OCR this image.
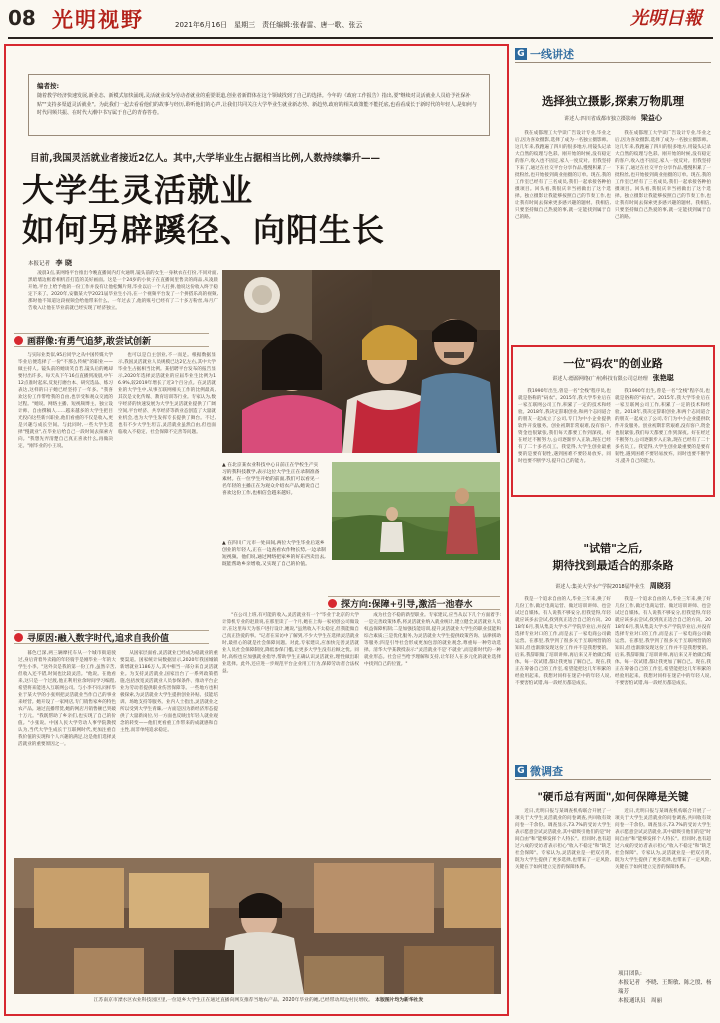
08 光明视野	2021年6月16日　星期三　责任编辑:张春雷、唐一歌、张云	光明日報
编者按:
随着教学经济快速发展,新业态、新模式加快涌现,灵活就业成为劳动者就业的重要渠道,创业者新群体在这个领域找到了自己的选择。今年的《政府工作报告》指出,要"继续对灵活就业人员给予社保补贴""支持多渠道灵活就业"。为此我们一起去看看他们的故事与经历,聆听他们的心声,让我们共同关注大学毕业生就业新态势、新趋势,政府的相关政策能不能托底,也看看成长于新时代的年轻人,是如何与时代同频共振、在时代大潮中书写属于自己的青春答卷。
目前,我国灵活就业者接近2亿人。其中,大学毕业生占据相当比例,人数持续攀升——
大学生灵活就业
如何另辟蹊径、向阳生长
本报记者　 李 晓

凌晨3点,某网络平台推出今晚直播间内灯火通明,镜头前的女生一身秋衣在打扮,不同对面,黑暗墙边框着相机首打造的美好画面。这是一个24岁的小伙子在直播间里售卖的商品,从凌晨开始,平台上给予他的一份工作并没有让他松懈片刻,毕业以后一个人打拼,他说这份收入终于稳定下来了。2020年,安徽某大学2021届毕业生小冯,在一个视频平台发了一个拼搭乐高的视频,那时他不知道这段视频会给他带来什么。一年过去了,他的账号已经有了二十多万粉丝,每月广告收入让他在毕业前就已经实现了经济独立。

▲ 在北京某农业科技中心日前正在学校生产实习的我科技教学,表示这位大学生正在录制准备素材。在一位学生开始的前面,我们可以看见一名年轻的主播正在为观众介绍农产品,她说自己喜欢这份工作,也相信会越来越好。
▲ 在四川广元市一处田间,两位大学生毕业后返乡创业的年轻人,正在一边查看农作物长势,一边录制短视频。他们说,通过网络把家乡的好东西卖出去,既能帮助乡亲增收,又实现了自己的价值。
画群像:有勇气追梦,敢尝试创新

与实际业类似,95后同学之从中国传媒大学毕业后便选择了一份"不那么传统"的职业——做主持人。镜头前的她谈笑自若,镜头后的她却要付出许多。每天从下午16点直播到凌晨,中午12点准时起床,反复打磨台本、研究选品、练习表达,这样的日子她已经坚持了一年多。"我喜欢这份工作带给我的自由,也享受和观众交流的过程。"她说。网络主播、短视频博主、独立设计师、自由撰稿人……越来越多的大学生把目光投向这些新兴职业,他们看重的不仅是收入,更是兴趣与成长空间。与此同时,一些大学生选择"慢就业",在毕业后给自己一段时间去探索方向。"我想先弄清楚自己真正喜欢什么,再做决定。"刚毕业的小王说。

也可以是自主创业,不一而足。根据数据显示,我国灵活就业人员规模已达2亿左右,其中大学毕业生占据相当比例。某招聘平台发布的报告显示,2020年选择灵活就业的应届毕业生比例为16.9%,较2019年增长了近3个百分点。在灵活就业的大学生中,从事互联网相关工作的比例最高,其次是文化传媒、教育培训等行业。专家认为,数字经济的快速发展为大学生灵活就业提供了广阔空间,平台经济、共享经济等新业态创造了大量就业机会,也为大学生发挥专长提供了舞台。不过,也有不少大学生坦言,灵活就业虽然自由,但也面临收入不稳定、社会保障不完善等问题。

寻原因:融入数字时代,追求自我价值

暮色已深,两三辆摩托车从一个城市街道驶过,身后背着外卖箱的年轻骑手是刚毕业一年的大学生小李。"送外卖是我的第一份工作,虽然辛苦,但收入还不错,时间也比较灵活。"他说。在他看来,这只是一个过渡,他正利用业余时间学习编程,希望将来能进入互联网公司。与小李不同,同样毕业于某大学的小张则把灵活就业当作自己的事业来经营。她开设了一家网店,专门销售家乡的特色农产品。通过直播带货,她的网店月销售额已突破十万元。"我既帮助了乡亲们,也实现了自己的价值。"小张说。中国人民大学劳动人事学院教授认为,当代大学生成长于互联网时代,更加注重自我价值的实现和个人兴趣的满足,这是他们选择灵活就业的重要原因之一。

从国家层面看,灵活就业已经成为稳就业的重要渠道。国家统计局数据显示,2020年我国城镇新增就业1186万人,其中相当一部分来自灵活就业。为支持灵活就业,国家出台了一系列政策措施,包括放宽灵活就业人员参保条件、推动平台企业为劳动者提供职业伤害保障等。一些地方也积极探索,为灵活就业大学生提供创业补贴、技能培训、场地支持等服务。业内人士指出,灵活就业之所以受到大学生青睐,一方面是因为新经济形态提供了大量新岗位,另一方面也反映出年轻人就业观念的转变——他们更看重工作带来的成就感和自主性,而非单纯追求稳定。

探方向:保障+引导,激活一池春水

"在公司上班,有可能的收入,灵活就业有一个"毕业于北京的大学计算机专业的赵晨说,在那里读了一个月,她在上海一家初创公司做设计,在这里每天为客户进行设计,她说,"虽然收入不太稳定,但我能做自己真正热爱的事。"记者在采访中了解到,不少大学生在选择灵活就业时,最担心的就是社会保障问题。对此,专家建议,应加快完善灵活就业人员社会保障制度,降低参保门槛,让更多大学生没有后顾之忧。同时,高校也应加强就业指导,帮助学生正确认识灵活就业,理性做出职业选择。此外,还应进一步规范平台企业用工行为,保障劳动者合法权益。

成为社会不稳的新型职业。专家建议,应当从以下几个方面着手:一是完善政策体系,将灵活就业纳入就业统计,建立健全灵活就业人员权益保障机制;二是加强技能培训,提升灵活就业大学生的职业技能和综合素质;三是优化服务,为灵活就业大学生提供政策咨询、法律援助等服务;四是引导社会形成更加包容的就业观念,尊重每一种劳动选择。清华大学某教授表示:"灵活就业不是'不就业',而是新时代的一种就业形态。社会应当给予理解和支持,让年轻人在多元化的就业选择中找到自己的位置。"

江苏南京市溧水区农业科技园区里,一位返乡大学生正在通过直播向网友推荐当地农产品。2020年毕业的她,已经带动周边村民增收。　 本版图片均为新华社发
G 一线讲述
选择独立摄影,探索万物肌理
讲述人:四川省成都市独立摄影师　 梁益心

我在成都理工大学读广告设计专业,毕业之后,因为喜欢摄影,选择了成为一名独立摄影师。这几年来,我跑遍了四川的很多地方,用镜头记录大自然的纹理与色彩。刚开始的时候,没有稳定的客户,收入也不固定,家人一度反对。但我坚持下来了,通过在社交平台分享作品,慢慢积累了一批粉丝,也开始接到商业拍摄的订单。现在,我的工作室已经有了三名成员,我们一起承接各种拍摄项目。回头看,我很庆幸当初做出了这个选择。独立摄影让我能够按照自己的节奏工作,也让我有时间去探索更多感兴趣的题材。我相信,只要坚持做自己热爱的事,就一定能找到属于自己的路。

我在成都理工大学读广告设计专业,毕业之后,因为喜欢摄影,选择了成为一名独立摄影师。这几年来,我跑遍了四川的很多地方,用镜头记录大自然的纹理与色彩。刚开始的时候,没有稳定的客户,收入也不固定,家人一度反对。但我坚持下来了,通过在社交平台分享作品,慢慢积累了一批粉丝,也开始接到商业拍摄的订单。现在,我的工作室已经有了三名成员,我们一起承接各种拍摄项目。回头看,我很庆幸当初做出了这个选择。独立摄影让我能够按照自己的节奏工作,也让我有时间去探索更多感兴趣的题材。我相信,只要坚持做自己热爱的事,就一定能找到属于自己的路。

一位"码农"的创业路
讲述人:德源网络(广州)科技有限公司总经理　 张艳聪

我1990年出生,曾是一名"全栈"程序员,也就是俗称的"码农"。2015年,我大学毕业后在一家互联网公司工作,积累了一定的技术和经验。2018年,我决定辞职创业,和两个志同道合的朋友一起成立了公司,专门为中小企业提供软件开发服务。创业初期非常艰难,没有客户,资金也很紧张,我们每天都要工作到深夜。好在经过不断努力,公司逐渐步入正轨,现在已经有了二十多名员工。我觉得,大学生创业最重要的是要有韧性,遇到困难不要轻易放弃。同时也要不断学习,提升自己的能力。

我1990年出生,曾是一名"全栈"程序员,也就是俗称的"码农"。2015年,我大学毕业后在一家互联网公司工作,积累了一定的技术和经验。2018年,我决定辞职创业,和两个志同道合的朋友一起成立了公司,专门为中小企业提供软件开发服务。创业初期非常艰难,没有客户,资金也很紧张,我们每天都要工作到深夜。好在经过不断努力,公司逐渐步入正轨,现在已经有了二十多名员工。我觉得,大学生创业最重要的是要有韧性,遇到困难不要轻易放弃。同时也要不断学习,提升自己的能力。

"试错"之后,
期待找到最适合的那条路
讲述人:集美大学水产学院2018届毕业生　 周晓羽

我是一个追求自由的人,毕业三年来,换了好几份工作,做过电商运营、做过培训讲师、也尝试过自媒体。有人说我不够安分,但我觉得,年轻就应该多去尝试,找到真正适合自己的方向。2018年6月,我从集美大学水产学院毕业后,并没有选择专业对口的工作,而是去了一家电商公司做运营。在那里,我学到了很多关于互联网营销的知识,但也渐渐发现这份工作并不是我想要的。后来,我辞职做了培训讲师,再后来又开始做自媒体。每一次试错,都让我更加了解自己。现在,我正在筹备自己的工作室,希望能把这几年积累的经验用起来。我想对同样在迷茫中的年轻人说,不要害怕试错,每一段经历都是成长。

我是一个追求自由的人,毕业三年来,换了好几份工作,做过电商运营、做过培训讲师、也尝试过自媒体。有人说我不够安分,但我觉得,年轻就应该多去尝试,找到真正适合自己的方向。2018年6月,我从集美大学水产学院毕业后,并没有选择专业对口的工作,而是去了一家电商公司做运营。在那里,我学到了很多关于互联网营销的知识,但也渐渐发现这份工作并不是我想要的。后来,我辞职做了培训讲师,再后来又开始做自媒体。每一次试错,都让我更加了解自己。现在,我正在筹备自己的工作室,希望能把这几年积累的经验用起来。我想对同样在迷茫中的年轻人说,不要害怕试错,每一段经历都是成长。

G 微调查
"硬币总有两面",如何保障是关键

近日,光明日报与某调查机构联合开展了一项关于大学生灵活就业的问卷调查,共回收有效问卷一千余份。调查显示,73.7%的受访大学生表示愿意尝试灵活就业,其中最吸引他们的是"时间自由"和"能够发挥个人特长"。但同时,也有超过六成的受访者表示担心"收入不稳定"和"缺乏社会保障"。专家认为,灵活就业是一把双刃剑,既为大学生提供了更多选择,也带来了一定风险,关键在于如何建立完善的保障体系。

近日,光明日报与某调查机构联合开展了一项关于大学生灵活就业的问卷调查,共回收有效问卷一千余份。调查显示,73.7%的受访大学生表示愿意尝试灵活就业,其中最吸引他们的是"时间自由"和"能够发挥个人特长"。但同时,也有超过六成的受访者表示担心"收入不稳定"和"缺乏社会保障"。专家认为,灵活就业是一把双刃剑,既为大学生提供了更多选择,也带来了一定风险,关键在于如何建立完善的保障体系。

项目团队:
本报记者　李晓、王斯敏、陈之殷、杨瑞芳
本报通讯员　周丽
